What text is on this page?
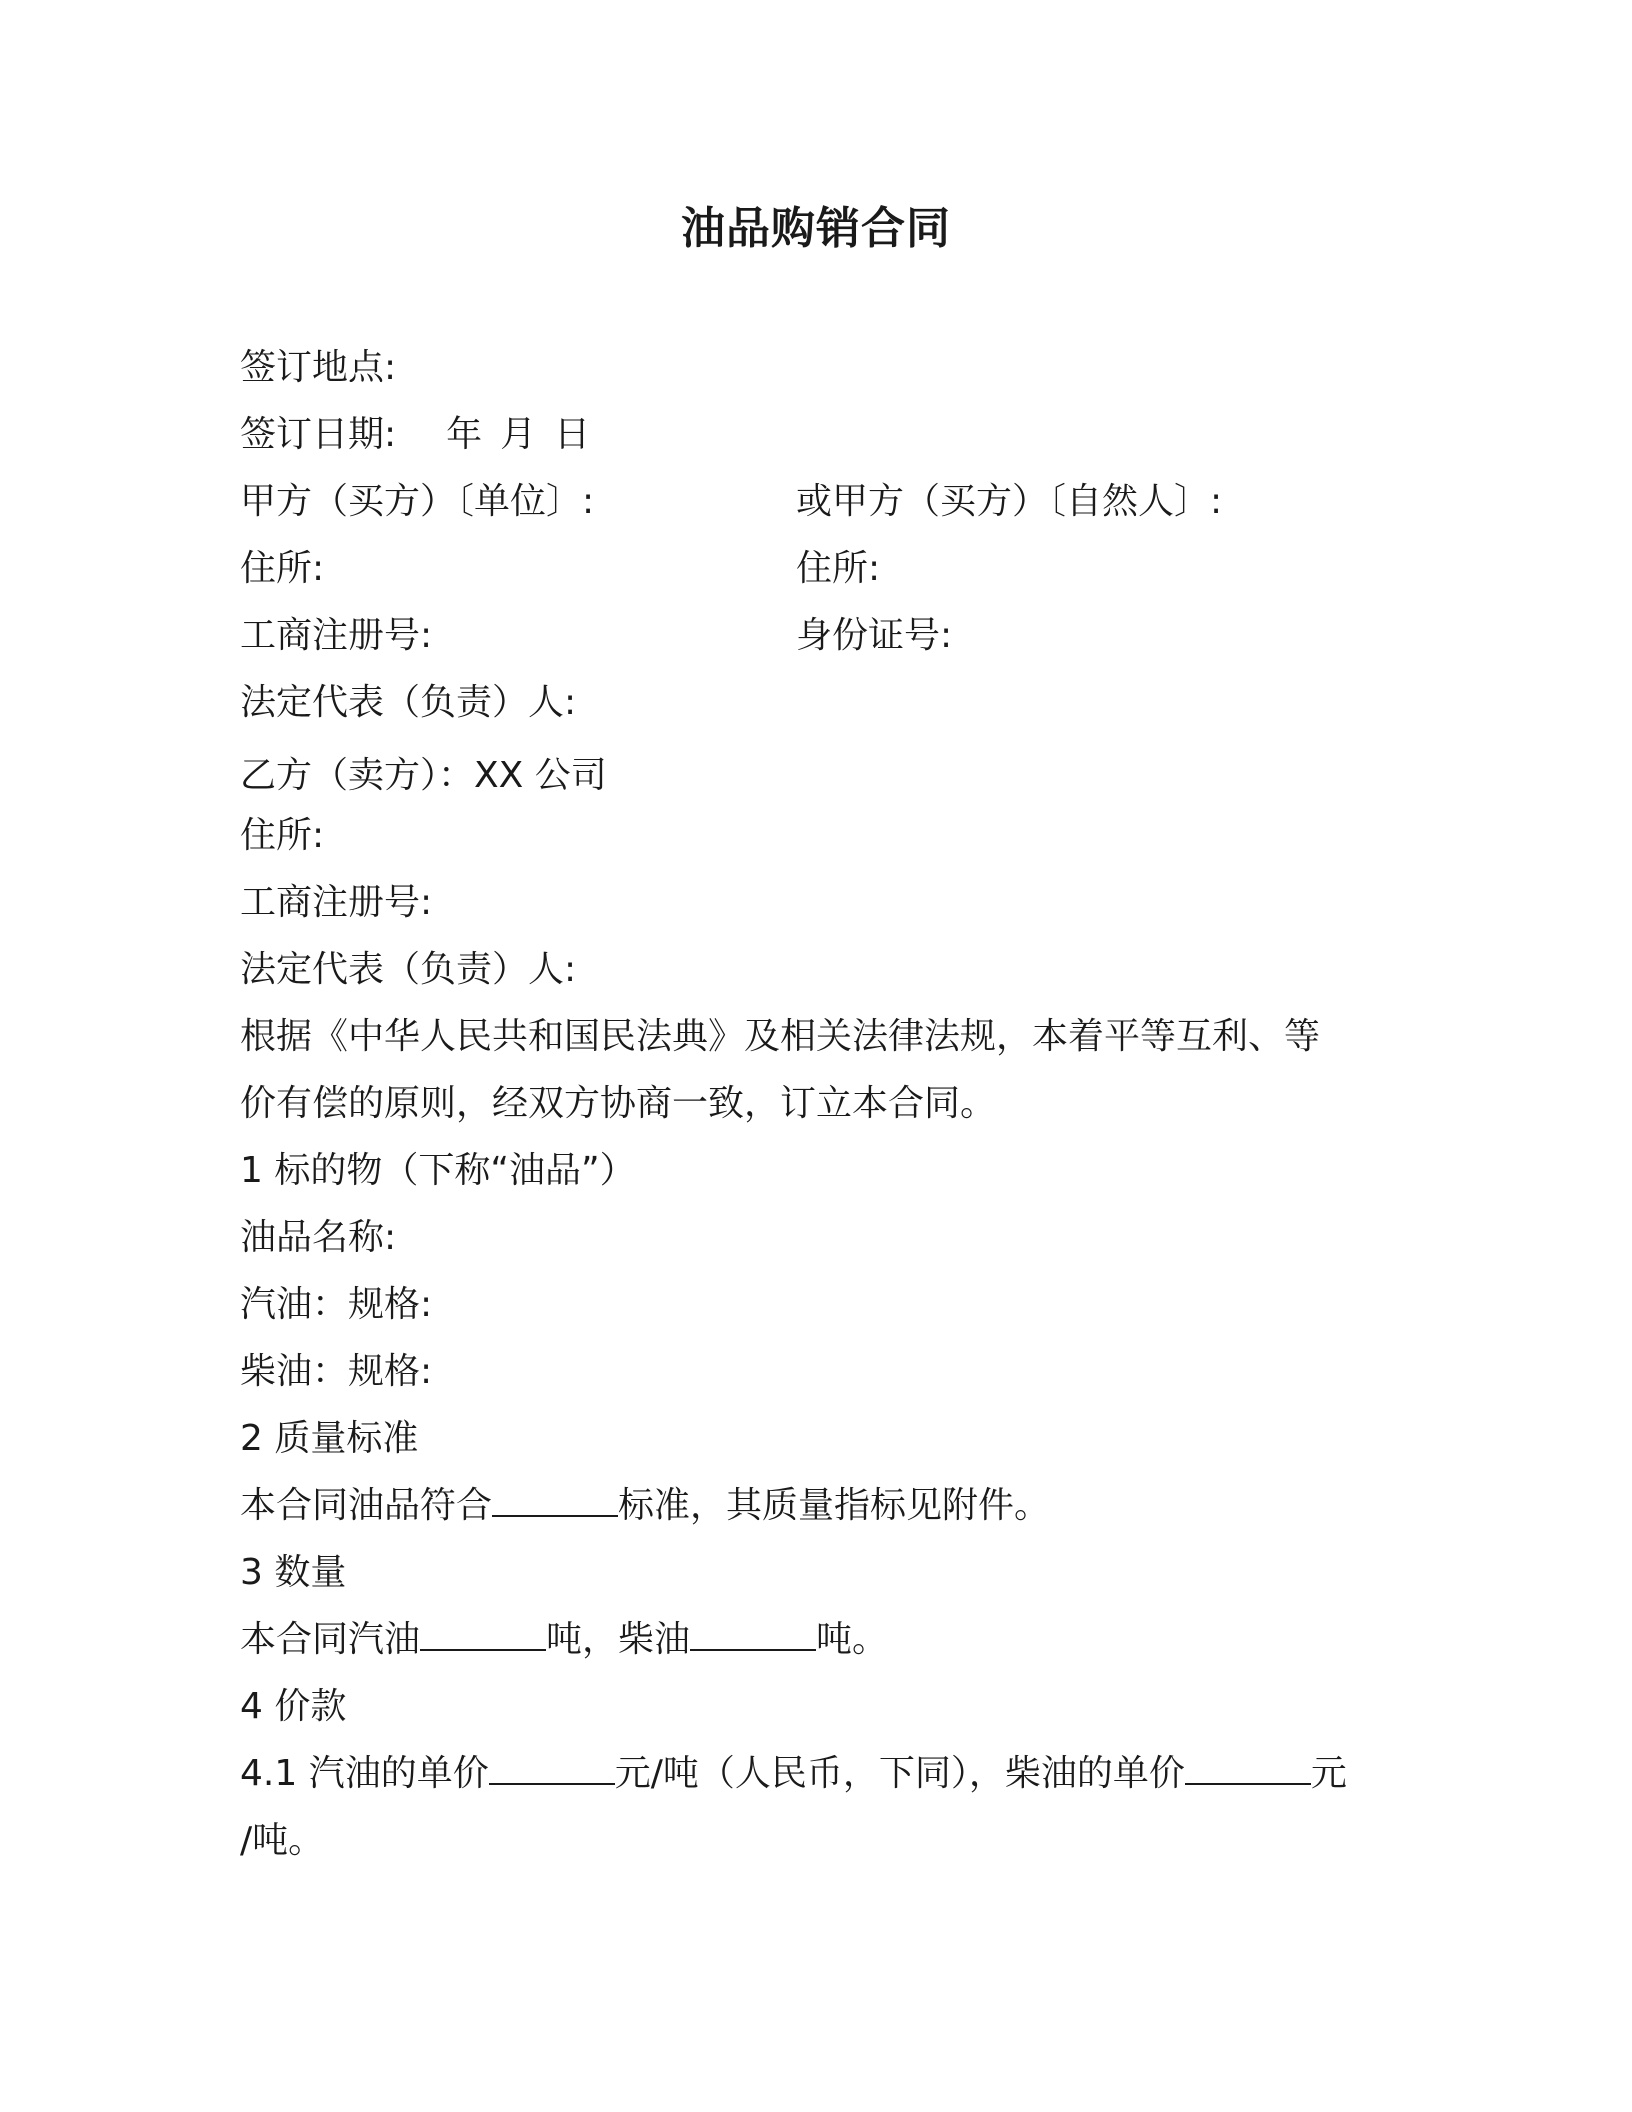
油品购销合同
签订地点:
签订日期: 年 月 日
甲方（买方）〔单位〕:	或甲方（买方）〔自然人〕:
住所:	住所:
工商注册号:	身份证号:
法定代表（负责）人:
乙方（卖方）：XX 公司
住所:
工商注册号:
法定代表（负责）人:
根据《中华人民共和国民法典》及相关法律法规，本着平等互利、等
价有偿的原则，经双方协商一致，订立本合同。
1 标的物（下称“油品”）
油品名称:
汽油：规格:
柴油：规格:
2 质量标准
本合同油品符合	标准，其质量指标见附件。
3 数量
本合同汽油	吨，柴油	吨。
4 价款
4.1 汽油的单价	元/吨（人民币，下同），柴油的单价	元
/吨。
